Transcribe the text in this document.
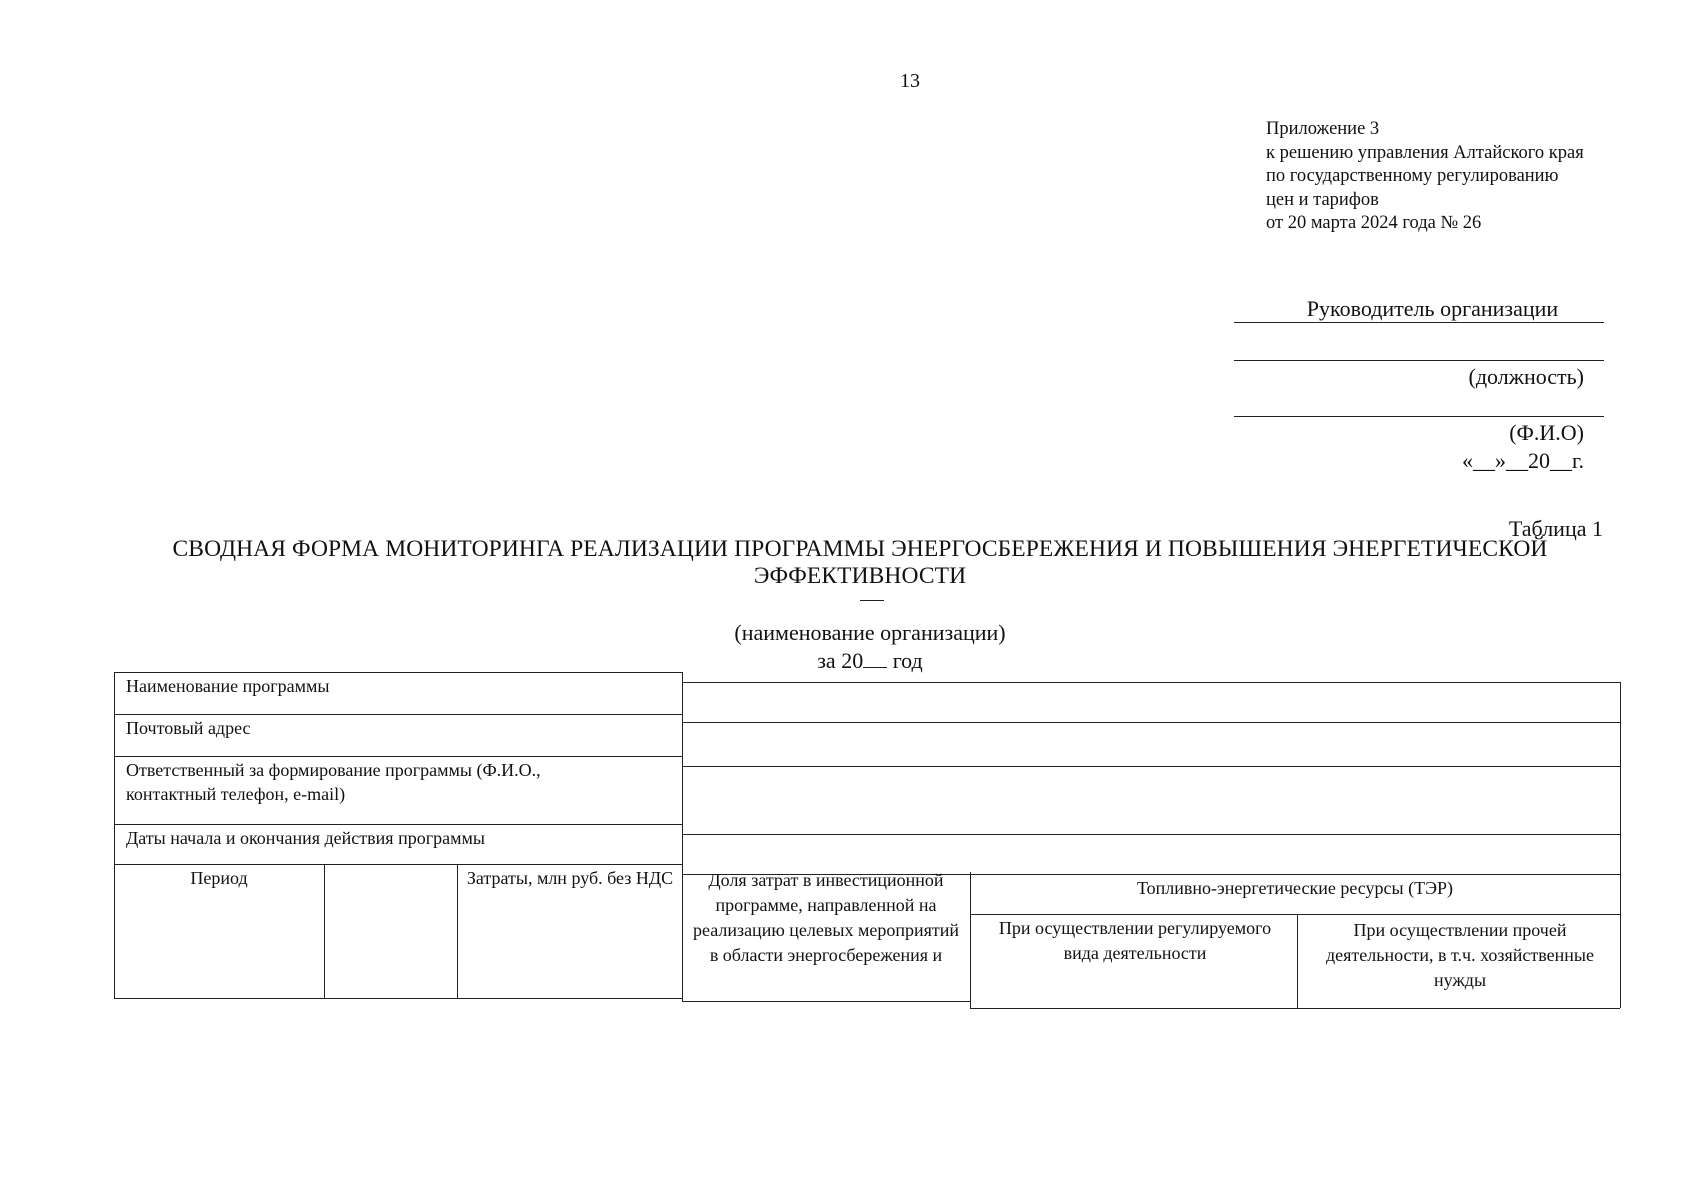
13
Приложение 3
к решению управления Алтайского края
по государственному регулированию
цен и тарифов
от 20 марта 2024 года № 26
Руководитель организации
(должность)
(Ф.И.О)
«__»__20__г.
Таблица 1
СВОДНАЯ ФОРМА МОНИТОРИНГА РЕАЛИЗАЦИИ ПРОГРАММЫ ЭНЕРГОСБЕРЕЖЕНИЯ И ПОВЫШЕНИЯ ЭНЕРГЕТИЧЕСКОЙ
ЭФФЕКТИВНОСТИ
(наименование организации)
за 20 год
Наименование программы
Почтовый адрес
Ответственный за формирование программы (Ф.И.О., контактный телефон, e-mail)
Даты начала и окончания действия программы
Период	Затраты, млн руб. без НДС	Доля затрат в инвестиционной программе, направленной на реализацию целевых мероприятий в области энергосбережения и
Топливно-энергетические ресурсы (ТЭР)
При осуществлении регулируемого вида деятельности
При осуществлении прочей деятельности, в т.ч. хозяйственные нужды
